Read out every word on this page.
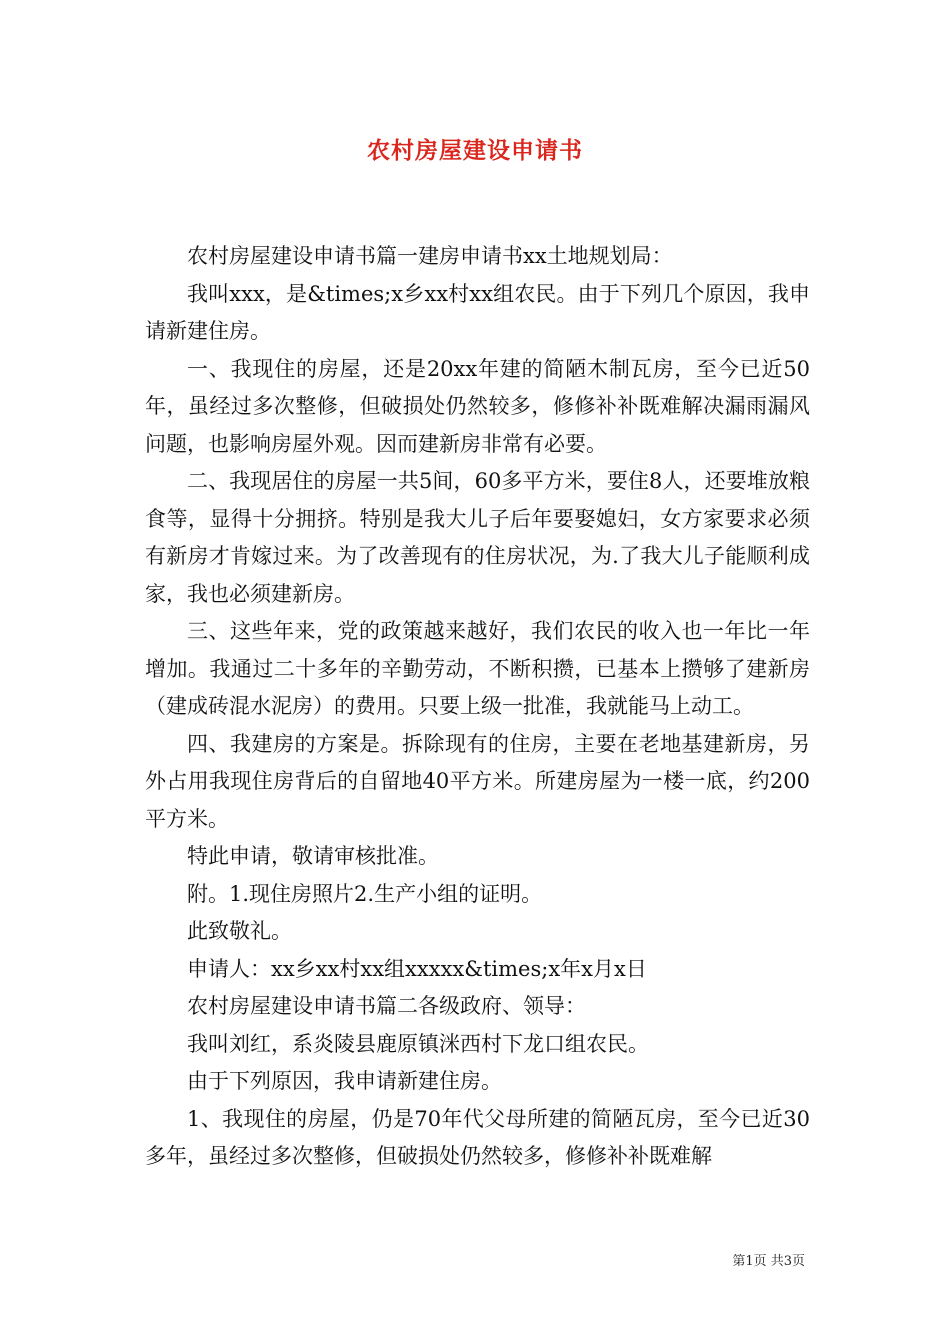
农村房屋建设申请书

农村房屋建设申请书篇一建房申请书xx土地规划局：

我叫xxx，是&times;x乡xx村xx组农民。由于下列几个原因，我申请新建住房。

一、我现住的房屋，还是20xx年建的简陋木制瓦房，至今已近50年，虽经过多次整修，但破损处仍然较多，修修补补既难解决漏雨漏风问题，也影响房屋外观。因而建新房非常有必要。

二、我现居住的房屋一共5间，60多平方米，要住8人，还要堆放粮食等，显得十分拥挤。特别是我大儿子后年要娶媳妇，女方家要求必须有新房才肯嫁过来。为了改善现有的住房状况，为.了我大儿子能顺利成家，我也必须建新房。

三、这些年来，党的政策越来越好，我们农民的收入也一年比一年增加。我通过二十多年的辛勤劳动，不断积攒，已基本上攒够了建新房（建成砖混水泥房）的费用。只要上级一批准，我就能马上动工。

四、我建房的方案是。拆除现有的住房，主要在老地基建新房，另外占用我现住房背后的自留地40平方米。所建房屋为一楼一底，约200平方米。

特此申请，敬请审核批准。

附。1.现住房照片2.生产小组的证明。

此致敬礼。

申请人：xx乡xx村xx组xxxxx&times;x年x月x日

农村房屋建设申请书篇二各级政府、领导：

我叫刘红，系炎陵县鹿原镇洣西村下龙口组农民。

由于下列原因，我申请新建住房。

1、我现住的房屋，仍是70年代父母所建的简陋瓦房，至今已近30多年，虽经过多次整修，但破损处仍然较多，修修补补既难解

第1页 共3页
